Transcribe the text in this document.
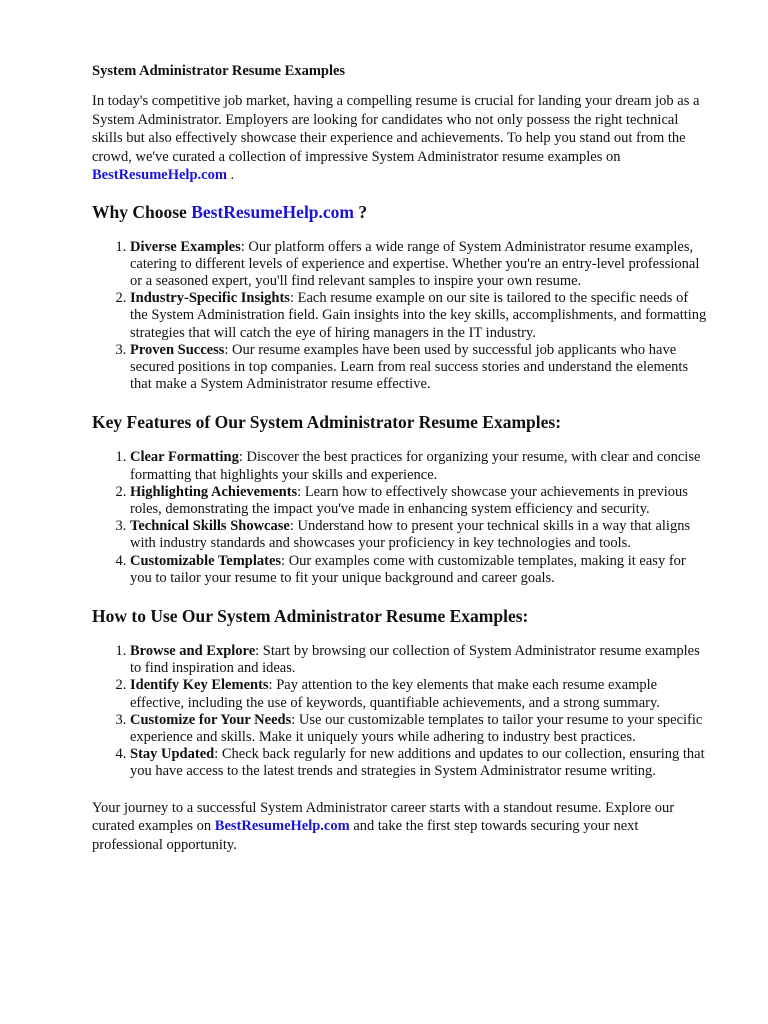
System Administrator Resume Examples

In today's competitive job market, having a compelling resume is crucial for landing your dream job as a System Administrator. Employers are looking for candidates who not only possess the right technical skills but also effectively showcase their experience and achievements. To help you stand out from the crowd, we've curated a collection of impressive System Administrator resume examples on BestResumeHelp.com .

Why Choose BestResumeHelp.com ?
1. Diverse Examples: Our platform offers a wide range of System Administrator resume examples, catering to different levels of experience and expertise. Whether you're an entry-level professional or a seasoned expert, you'll find relevant samples to inspire your own resume.
2. Industry-Specific Insights: Each resume example on our site is tailored to the specific needs of the System Administration field. Gain insights into the key skills, accomplishments, and formatting strategies that will catch the eye of hiring managers in the IT industry.
3. Proven Success: Our resume examples have been used by successful job applicants who have secured positions in top companies. Learn from real success stories and understand the elements that make a System Administrator resume effective.
Key Features of Our System Administrator Resume Examples:
1. Clear Formatting: Discover the best practices for organizing your resume, with clear and concise formatting that highlights your skills and experience.
2. Highlighting Achievements: Learn how to effectively showcase your achievements in previous roles, demonstrating the impact you've made in enhancing system efficiency and security.
3. Technical Skills Showcase: Understand how to present your technical skills in a way that aligns with industry standards and showcases your proficiency in key technologies and tools.
4. Customizable Templates: Our examples come with customizable templates, making it easy for you to tailor your resume to fit your unique background and career goals.
How to Use Our System Administrator Resume Examples:
1. Browse and Explore: Start by browsing our collection of System Administrator resume examples to find inspiration and ideas.
2. Identify Key Elements: Pay attention to the key elements that make each resume example effective, including the use of keywords, quantifiable achievements, and a strong summary.
3. Customize for Your Needs: Use our customizable templates to tailor your resume to your specific experience and skills. Make it uniquely yours while adhering to industry best practices.
4. Stay Updated: Check back regularly for new additions and updates to our collection, ensuring that you have access to the latest trends and strategies in System Administrator resume writing.

Your journey to a successful System Administrator career starts with a standout resume. Explore our curated examples on BestResumeHelp.com and take the first step towards securing your next professional opportunity.
